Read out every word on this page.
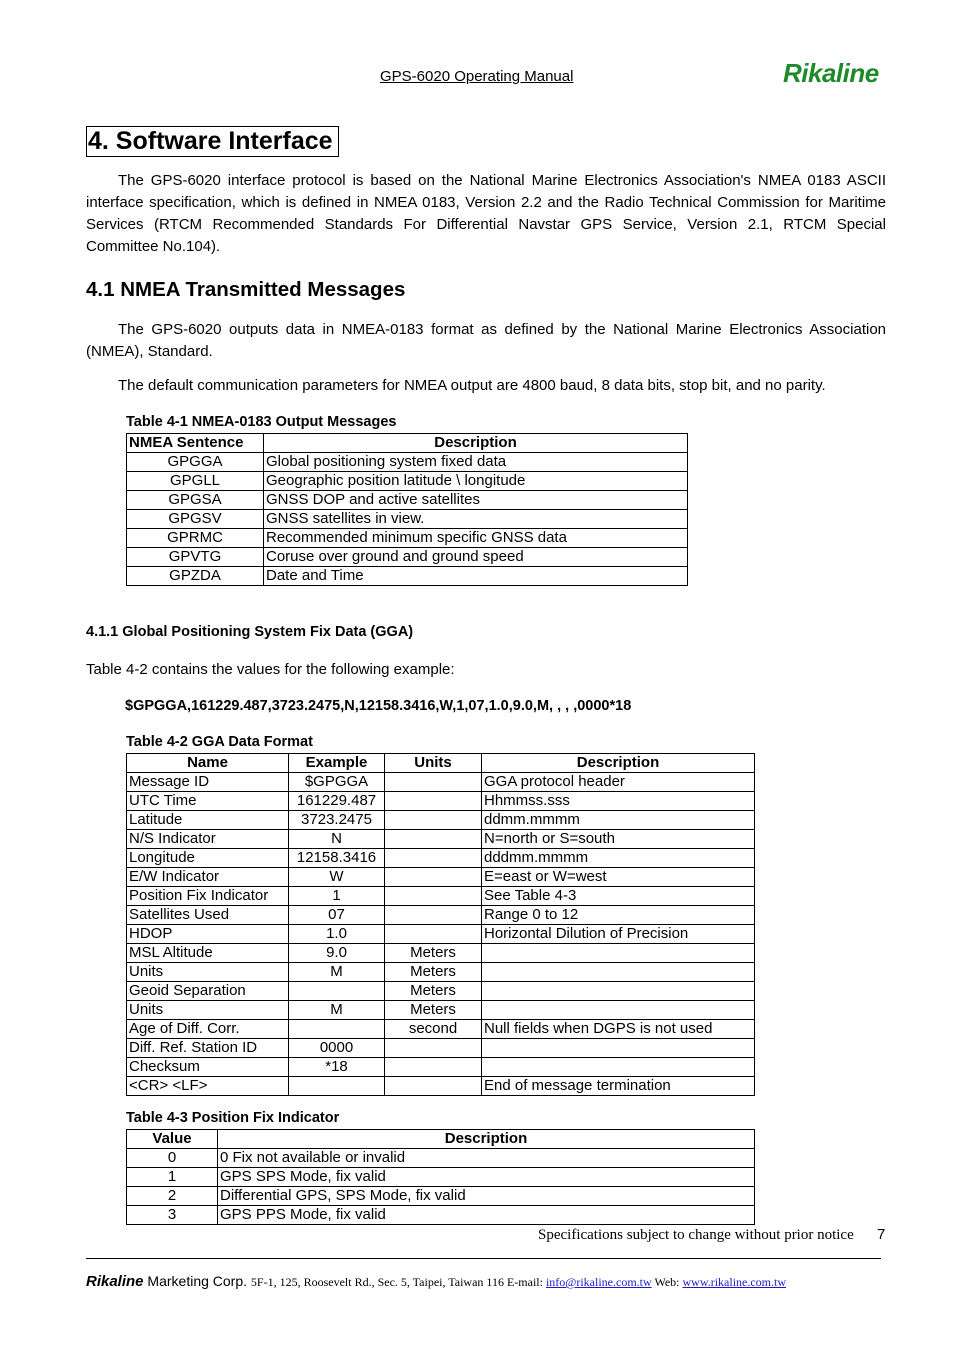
GPS-6020 Operating Manual	Rikaline
4. Software Interface

The GPS-6020 interface protocol is based on the National Marine Electronics Association's NMEA 0183 ASCII interface specification, which is defined in NMEA 0183, Version 2.2 and the Radio Technical Commission for Maritime Services (RTCM Recommended Standards For Differential Navstar GPS Service, Version 2.1, RTCM Special Committee No.104).

4.1 NMEA Transmitted Messages

The GPS-6020 outputs data in NMEA-0183 format as defined by the National Marine Electronics Association (NMEA), Standard.

The default communication parameters for NMEA output are 4800 baud, 8 data bits, stop bit, and no parity.

Table 4-1 NMEA-0183 Output Messages
NMEA Sentence	Description
GPGGA	Global positioning system fixed data
GPGLL	Geographic position latitude \ longitude
GPGSA	GNSS DOP and active satellites
GPGSV	GNSS satellites in view.
GPRMC	Recommended minimum specific GNSS data
GPVTG	Coruse over ground and ground speed
GPZDA	Date and Time
4.1.1 Global Positioning System Fix Data (GGA)
Table 4-2 contains the values for the following example:
$GPGGA,161229.487,3723.2475,N,12158.3416,W,1,07,1.0,9.0,M, , , ,0000*18
Table 4-2 GGA Data Format
Name	Example	Units	Description
Message ID	$GPGGA		GGA protocol header
UTC Time	161229.487		Hhmmss.sss
Latitude	3723.2475		ddmm.mmmm
N/S Indicator	N		N=north or S=south
Longitude	12158.3416		dddmm.mmmm
E/W Indicator	W		E=east or W=west
Position Fix Indicator	1		See Table 4-3
Satellites Used	07		Range 0 to 12
HDOP	1.0		Horizontal Dilution of Precision
MSL Altitude	9.0	Meters	
Units	M	Meters	
Geoid Separation		Meters	
Units	M	Meters	
Age of Diff. Corr.		second	Null fields when DGPS is not used
Diff. Ref. Station ID	0000		
Checksum	*18		
<CR> <LF>			End of message termination
Table 4-3 Position Fix Indicator
Value	Description
0	0 Fix not available or invalid
1	GPS SPS Mode, fix valid
2	Differential GPS, SPS Mode, fix valid
3	GPS PPS Mode, fix valid
Specifications subject to change without prior notice 7
Rikaline Marketing Corp. 5F-1, 125, Roosevelt Rd., Sec. 5, Taipei, Taiwan 116 E-mail: info@rikaline.com.tw Web: www.rikaline.com.tw
